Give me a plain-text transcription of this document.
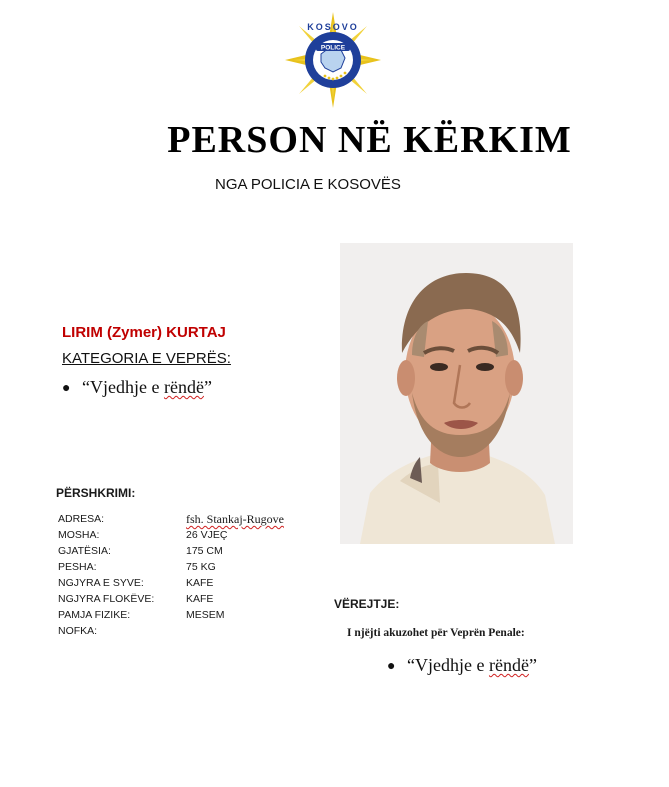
POLICE
KOSOVO
PERSON NË KËRKIM
NGA POLICIA E KOSOVËS
LIRIM (Zymer) KURTAJ
KATEGORIA E VEPRËS:
● “Vjedhje e rëndë”
PËRSHKRIMI:
ADRESA:	fsh. Stankaj-Rugove
MOSHA:	26 VJEÇ
GJATËSIA:	175 CM
PESHA:	75 KG
NGJYRA E SYVE:	KAFE
NGJYRA FLOKËVE:	KAFE
PAMJA FIZIKE:	MESEM
NOFKA:
VËREJTJE:
I njëjti akuzohet për Veprën Penale:
● “Vjedhje e rëndë”
